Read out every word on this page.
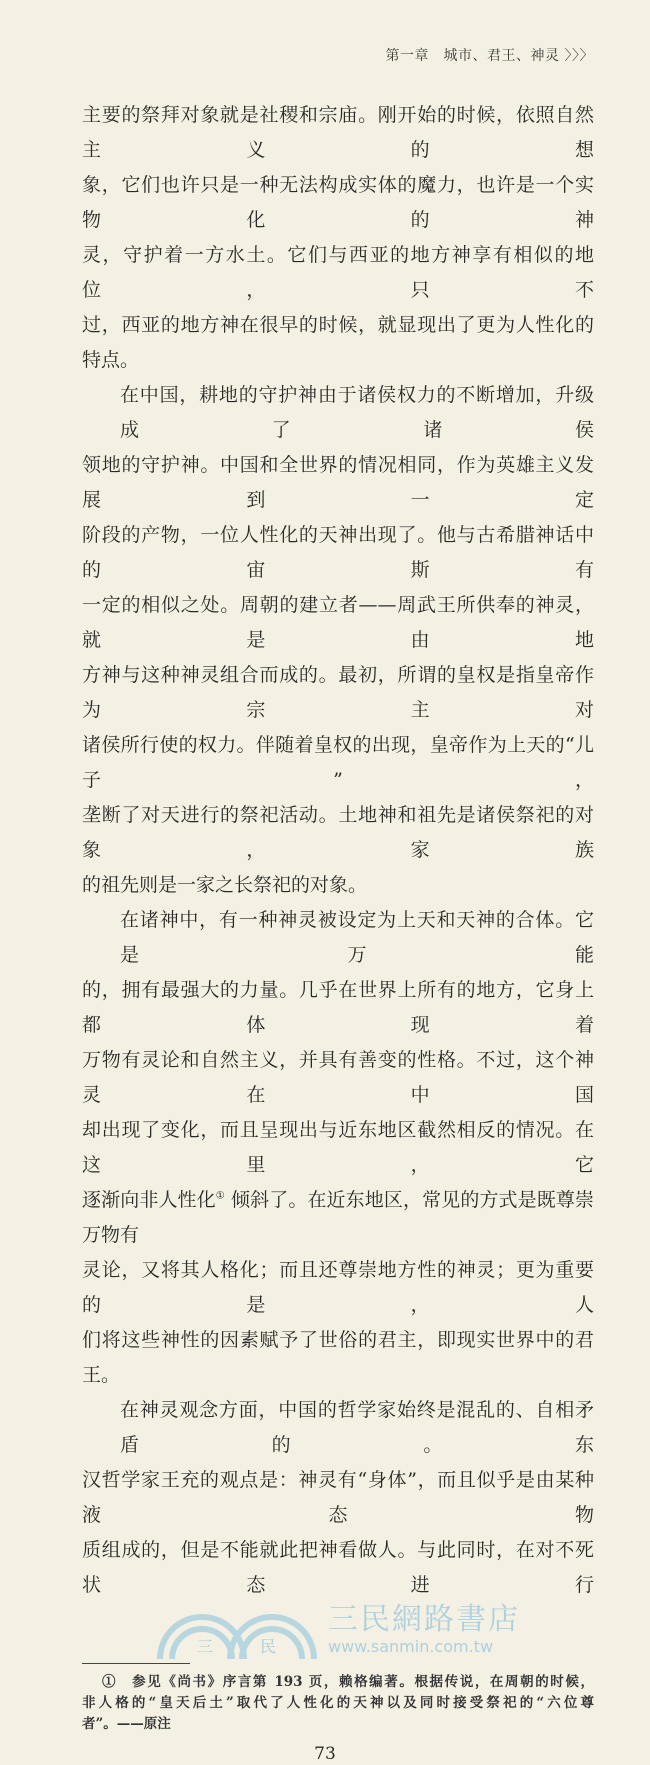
第一章　城市、君王、神灵 〉〉〉
主要的祭拜对象就是社稷和宗庙。刚开始的时候，依照自然主义的想
象，它们也许只是一种无法构成实体的魔力，也许是一个实物化的神
灵，守护着一方水土。它们与西亚的地方神享有相似的地位，只不
过，西亚的地方神在很早的时候，就显现出了更为人性化的特点。
在中国，耕地的守护神由于诸侯权力的不断增加，升级成了诸侯
领地的守护神。中国和全世界的情况相同，作为英雄主义发展到一定
阶段的产物，一位人性化的天神出现了。他与古希腊神话中的宙斯有
一定的相似之处。周朝的建立者——周武王所供奉的神灵，就是由地
方神与这种神灵组合而成的。最初，所谓的皇权是指皇帝作为宗主对
诸侯所行使的权力。伴随着皇权的出现，皇帝作为上天的“儿子”，
垄断了对天进行的祭祀活动。土地神和祖先是诸侯祭祀的对象，家族
的祖先则是一家之长祭祀的对象。
在诸神中，有一种神灵被设定为上天和天神的合体。它是万能
的，拥有最强大的力量。几乎在世界上所有的地方，它身上都体现着
万物有灵论和自然主义，并具有善变的性格。不过，这个神灵在中国
却出现了变化，而且呈现出与近东地区截然相反的情况。在这里，它
逐渐向非人性化① 倾斜了。在近东地区，常见的方式是既尊崇万物有
灵论，又将其人格化；而且还尊崇地方性的神灵；更为重要的是，人
们将这些神性的因素赋予了世俗的君主，即现实世界中的君王。
在神灵观念方面，中国的哲学家始终是混乱的、自相矛盾的。东
汉哲学家王充的观点是：神灵有“身体”，而且似乎是由某种液态物
质组成的，但是不能就此把神看做人。与此同时，在对不死状态进行
三	民
三民網路書店
www.sanmin.com.tw
①　参见《尚书》序言第 193 页，赖格编著。根据传说，在周朝的时候，
非人格的“皇天后土”取代了人性化的天神以及同时接受祭祀的“六位尊
者”。——原注
73
